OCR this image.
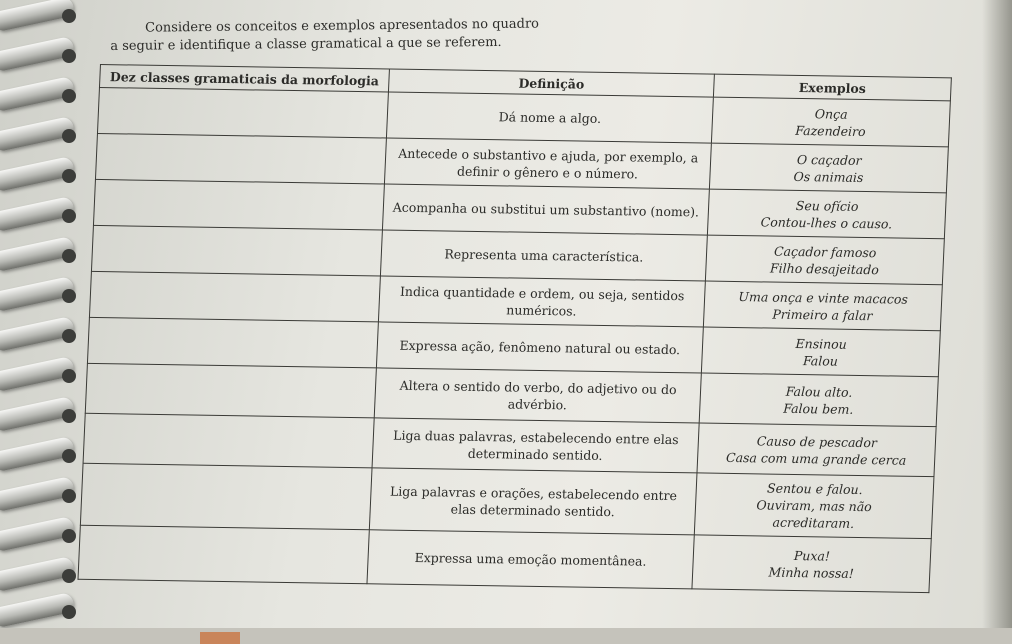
Considere os conceitos e exemplos apresentados no quadro

a seguir e identifique a classe gramatical a que se referem.

Dez classes gramaticais da morfologia	Definição	Exemplos
	Dá nome a algo.	Onça
Fazendeiro

	Antecede o substantivo e ajuda, por exemplo, a definir o gênero e o número.	O caçador
Os animais

	Acompanha ou substitui um substantivo (nome).	Seu ofício
Contou-lhes o causo.

	Representa uma característica.	Caçador famoso
Filho desajeitado

	Indica quantidade e ordem, ou seja, sentidos numéricos.	Uma onça e vinte macacos
Primeiro a falar

	Expressa ação, fenômeno natural ou estado.	Ensinou
Falou

	Altera o sentido do verbo, do adjetivo ou do advérbio.	Falou alto.
Falou bem.

	Liga duas palavras, estabelecendo entre elas determinado sentido.	Causo de pescador
Casa com uma grande cerca

	Liga palavras e orações, estabelecendo entre elas determinado sentido.	Sentou e falou.
Ouviram, mas não
acreditaram.

	Expressa uma emoção momentânea.	Puxa!
Minha nossa!
